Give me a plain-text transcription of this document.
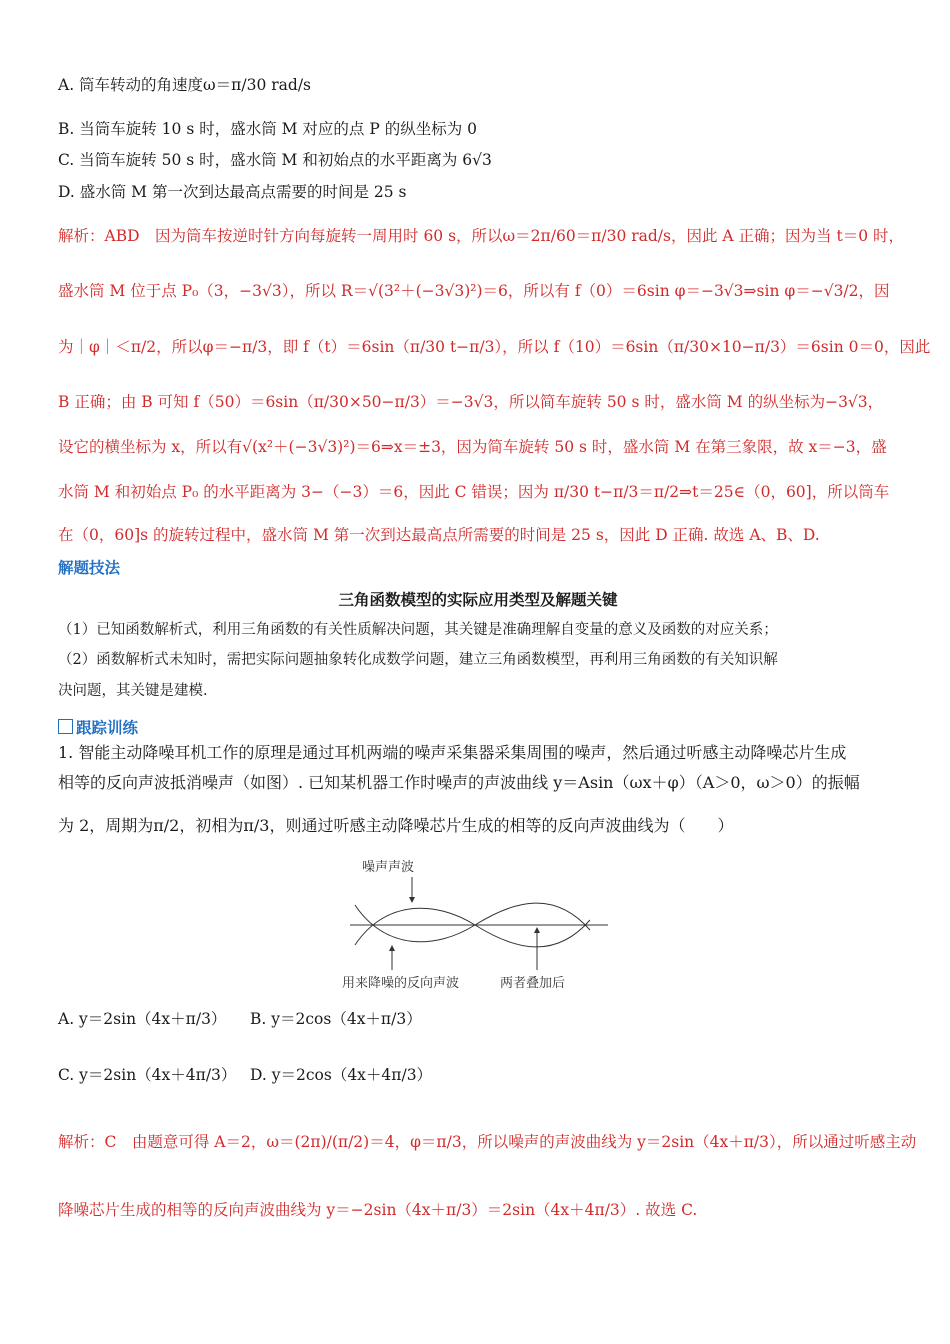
A. 筒车转动的角速度ω＝π/30 rad/s
B. 当筒车旋转 10 s 时，盛水筒 M 对应的点 P 的纵坐标为 0
C. 当筒车旋转 50 s 时，盛水筒 M 和初始点的水平距离为 6√3
D. 盛水筒 M 第一次到达最高点需要的时间是 25 s
解析：ABD　因为筒车按逆时针方向每旋转一周用时 60 s，所以ω＝2π/60＝π/30 rad/s，因此 A 正确；因为当 t＝0 时，
盛水筒 M 位于点 P₀（3，−3√3），所以 R＝√(3²＋(−3√3)²)＝6，所以有 f（0）＝6sin φ＝−3√3⇒sin φ＝−√3/2，因
为｜φ｜＜π/2，所以φ＝−π/3，即 f（t）＝6sin（π/30 t−π/3），所以 f（10）＝6sin（π/30×10−π/3）＝6sin 0＝0，因此
B 正确；由 B 可知 f（50）＝6sin（π/30×50−π/3）＝−3√3，所以简车旋转 50 s 时，盛水筒 M 的纵坐标为−3√3，
设它的横坐标为 x，所以有√(x²＋(−3√3)²)＝6⇒x＝±3，因为简车旋转 50 s 时，盛水筒 M 在第三象限，故 x＝−3，盛
水筒 M 和初始点 P₀ 的水平距离为 3−（−3）＝6，因此 C 错误；因为 π/30 t−π/3＝π/2⇒t＝25∈（0，60]，所以筒车
在（0，60]s 的旋转过程中，盛水筒 M 第一次到达最高点所需要的时间是 25 s，因此 D 正确. 故选 A、B、D.
解题技法
三角函数模型的实际应用类型及解题关键
（1）已知函数解析式，利用三角函数的有关性质解决问题，其关键是准确理解自变量的意义及函数的对应关系；
（2）函数解析式未知时，需把实际问题抽象转化成数学问题，建立三角函数模型，再利用三角函数的有关知识解
决问题，其关键是建模.
跟踪训练
1. 智能主动降噪耳机工作的原理是通过耳机两端的噪声采集器采集周围的噪声，然后通过听感主动降噪芯片生成
相等的反向声波抵消噪声（如图）. 已知某机器工作时噪声的声波曲线 y＝Asin（ωx＋φ）（A＞0，ω＞0）的振幅
为 2，周期为π/2，初相为π/3，则通过听感主动降噪芯片生成的相等的反向声波曲线为（　　）
A. y＝2sin（4x＋π/3） B. y＝2cos（4x＋π/3）
C. y＝2sin（4x＋4π/3） D. y＝2cos（4x＋4π/3）
解析：C　由题意可得 A＝2，ω＝(2π)/(π/2)＝4，φ＝π/3，所以噪声的声波曲线为 y＝2sin（4x＋π/3），所以通过听感主动
降噪芯片生成的相等的反向声波曲线为 y＝−2sin（4x＋π/3）＝2sin（4x＋4π/3）. 故选 C.
噪声声波
用来降噪的反向声波	两者叠加后
